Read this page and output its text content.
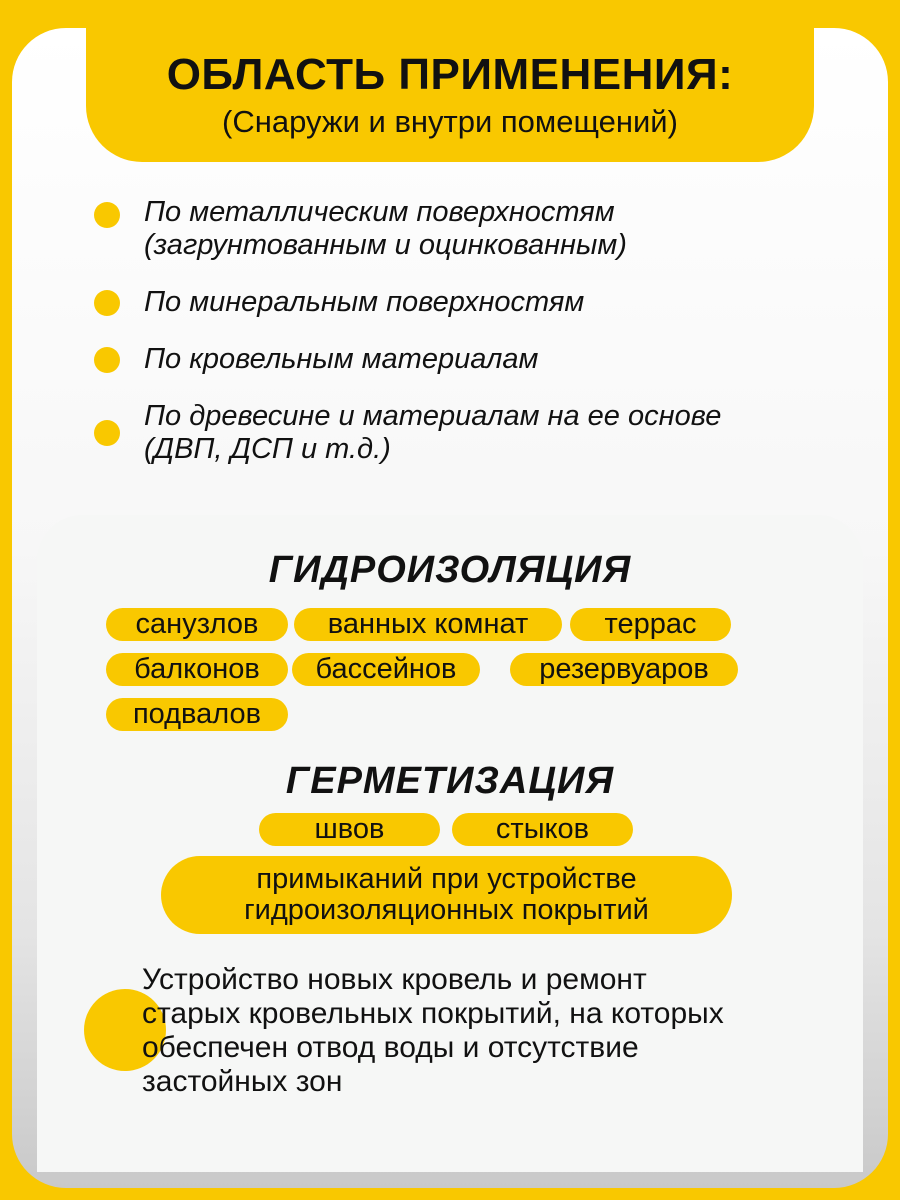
ОБЛАСТЬ ПРИМЕНЕНИЯ:
(Снаружи и внутри помещений)
По металлическим поверхностям
(загрунтованным и оцинкованным)
По минеральным поверхностям
По кровельным материалам
По древесине и материалам на ее основе
(ДВП, ДСП и т.д.)
ГИДРОИЗОЛЯЦИЯ
санузлов	ванных комнат	террас
балконов	бассейнов	резервуаров
подвалов
ГЕРМЕТИЗАЦИЯ
швов	стыков
примыканий при устройстве
гидроизоляционных покрытий
Устройство новых кровель и ремонт
старых кровельных покрытий, на которых
обеспечен отвод воды и отсутствие
застойных зон
